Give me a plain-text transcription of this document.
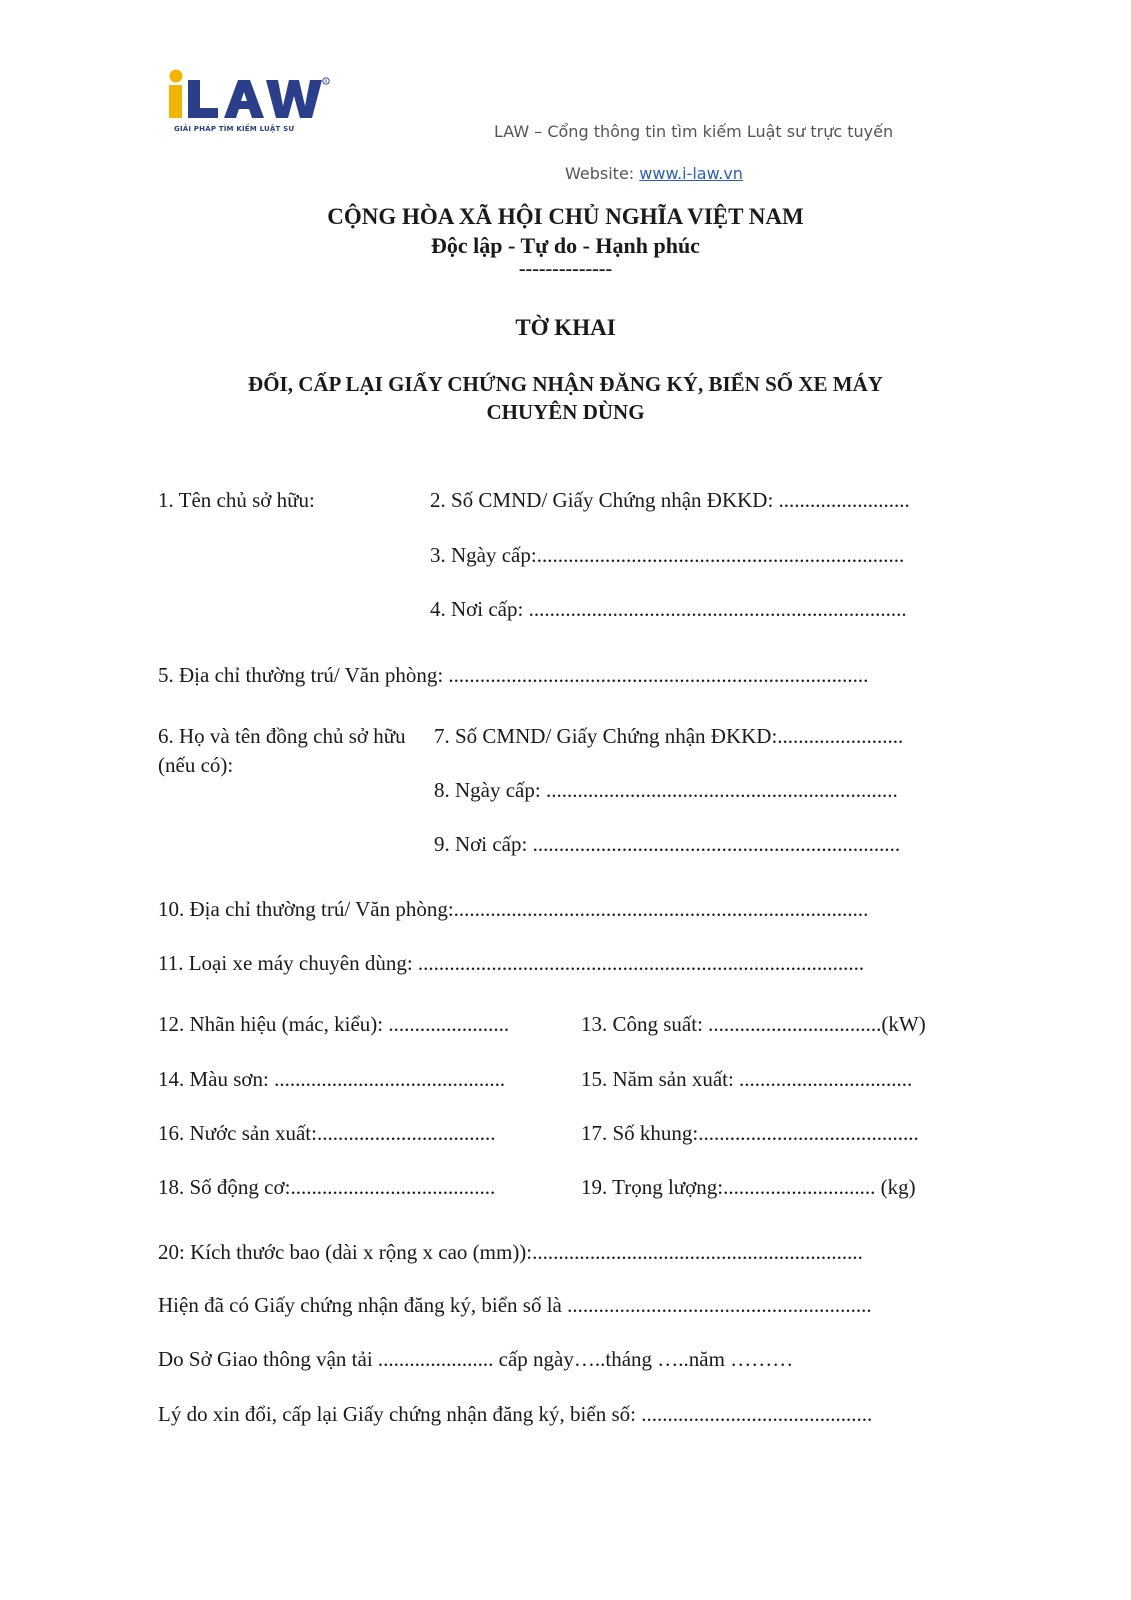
R
GIẢI PHÁP TÌM KIẾM LUẬT SƯ	LAW – Cổng thông tin tìm kiếm Luật sư trực tuyến
Website: www.i-law.vn
CỘNG HÒA XÃ HỘI CHỦ NGHĨA VIỆT NAM
Độc lập - Tự do - Hạnh phúc
--------------
TỜ KHAI
ĐỔI, CẤP LẠI GIẤY CHỨNG NHẬN ĐĂNG KÝ, BIỂN SỐ XE MÁY
CHUYÊN DÙNG
1. Tên chủ sở hữu:	2. Số CMND/ Giấy Chứng nhận ĐKKD: .........................
3. Ngày cấp:......................................................................
4. Nơi cấp: ........................................................................
5. Địa chỉ thường trú/ Văn phòng: ................................................................................
6. Họ và tên đồng chủ sở hữu (nếu có):
7. Số CMND/ Giấy Chứng nhận ĐKKD:........................
8. Ngày cấp: ...................................................................
9. Nơi cấp: ......................................................................
10. Địa chỉ thường trú/ Văn phòng:...............................................................................
11. Loại xe máy chuyên dùng: .....................................................................................
12. Nhãn hiệu (mác, kiểu): .......................	13. Công suất: .................................(kW)
14. Màu sơn: ............................................	15. Năm sản xuất: .................................
16. Nước sản xuất:..................................	17. Số khung:..........................................
18. Số động cơ:.......................................	19. Trọng lượng:............................. (kg)
20: Kích thước bao (dài x rộng x cao (mm)):...............................................................
Hiện đã có Giấy chứng nhận đăng ký, biển số là ..........................................................
Do Sở Giao thông vận tải ...................... cấp ngày…..tháng …..năm ………
Lý do xin đổi, cấp lại Giấy chứng nhận đăng ký, biển số: ............................................
